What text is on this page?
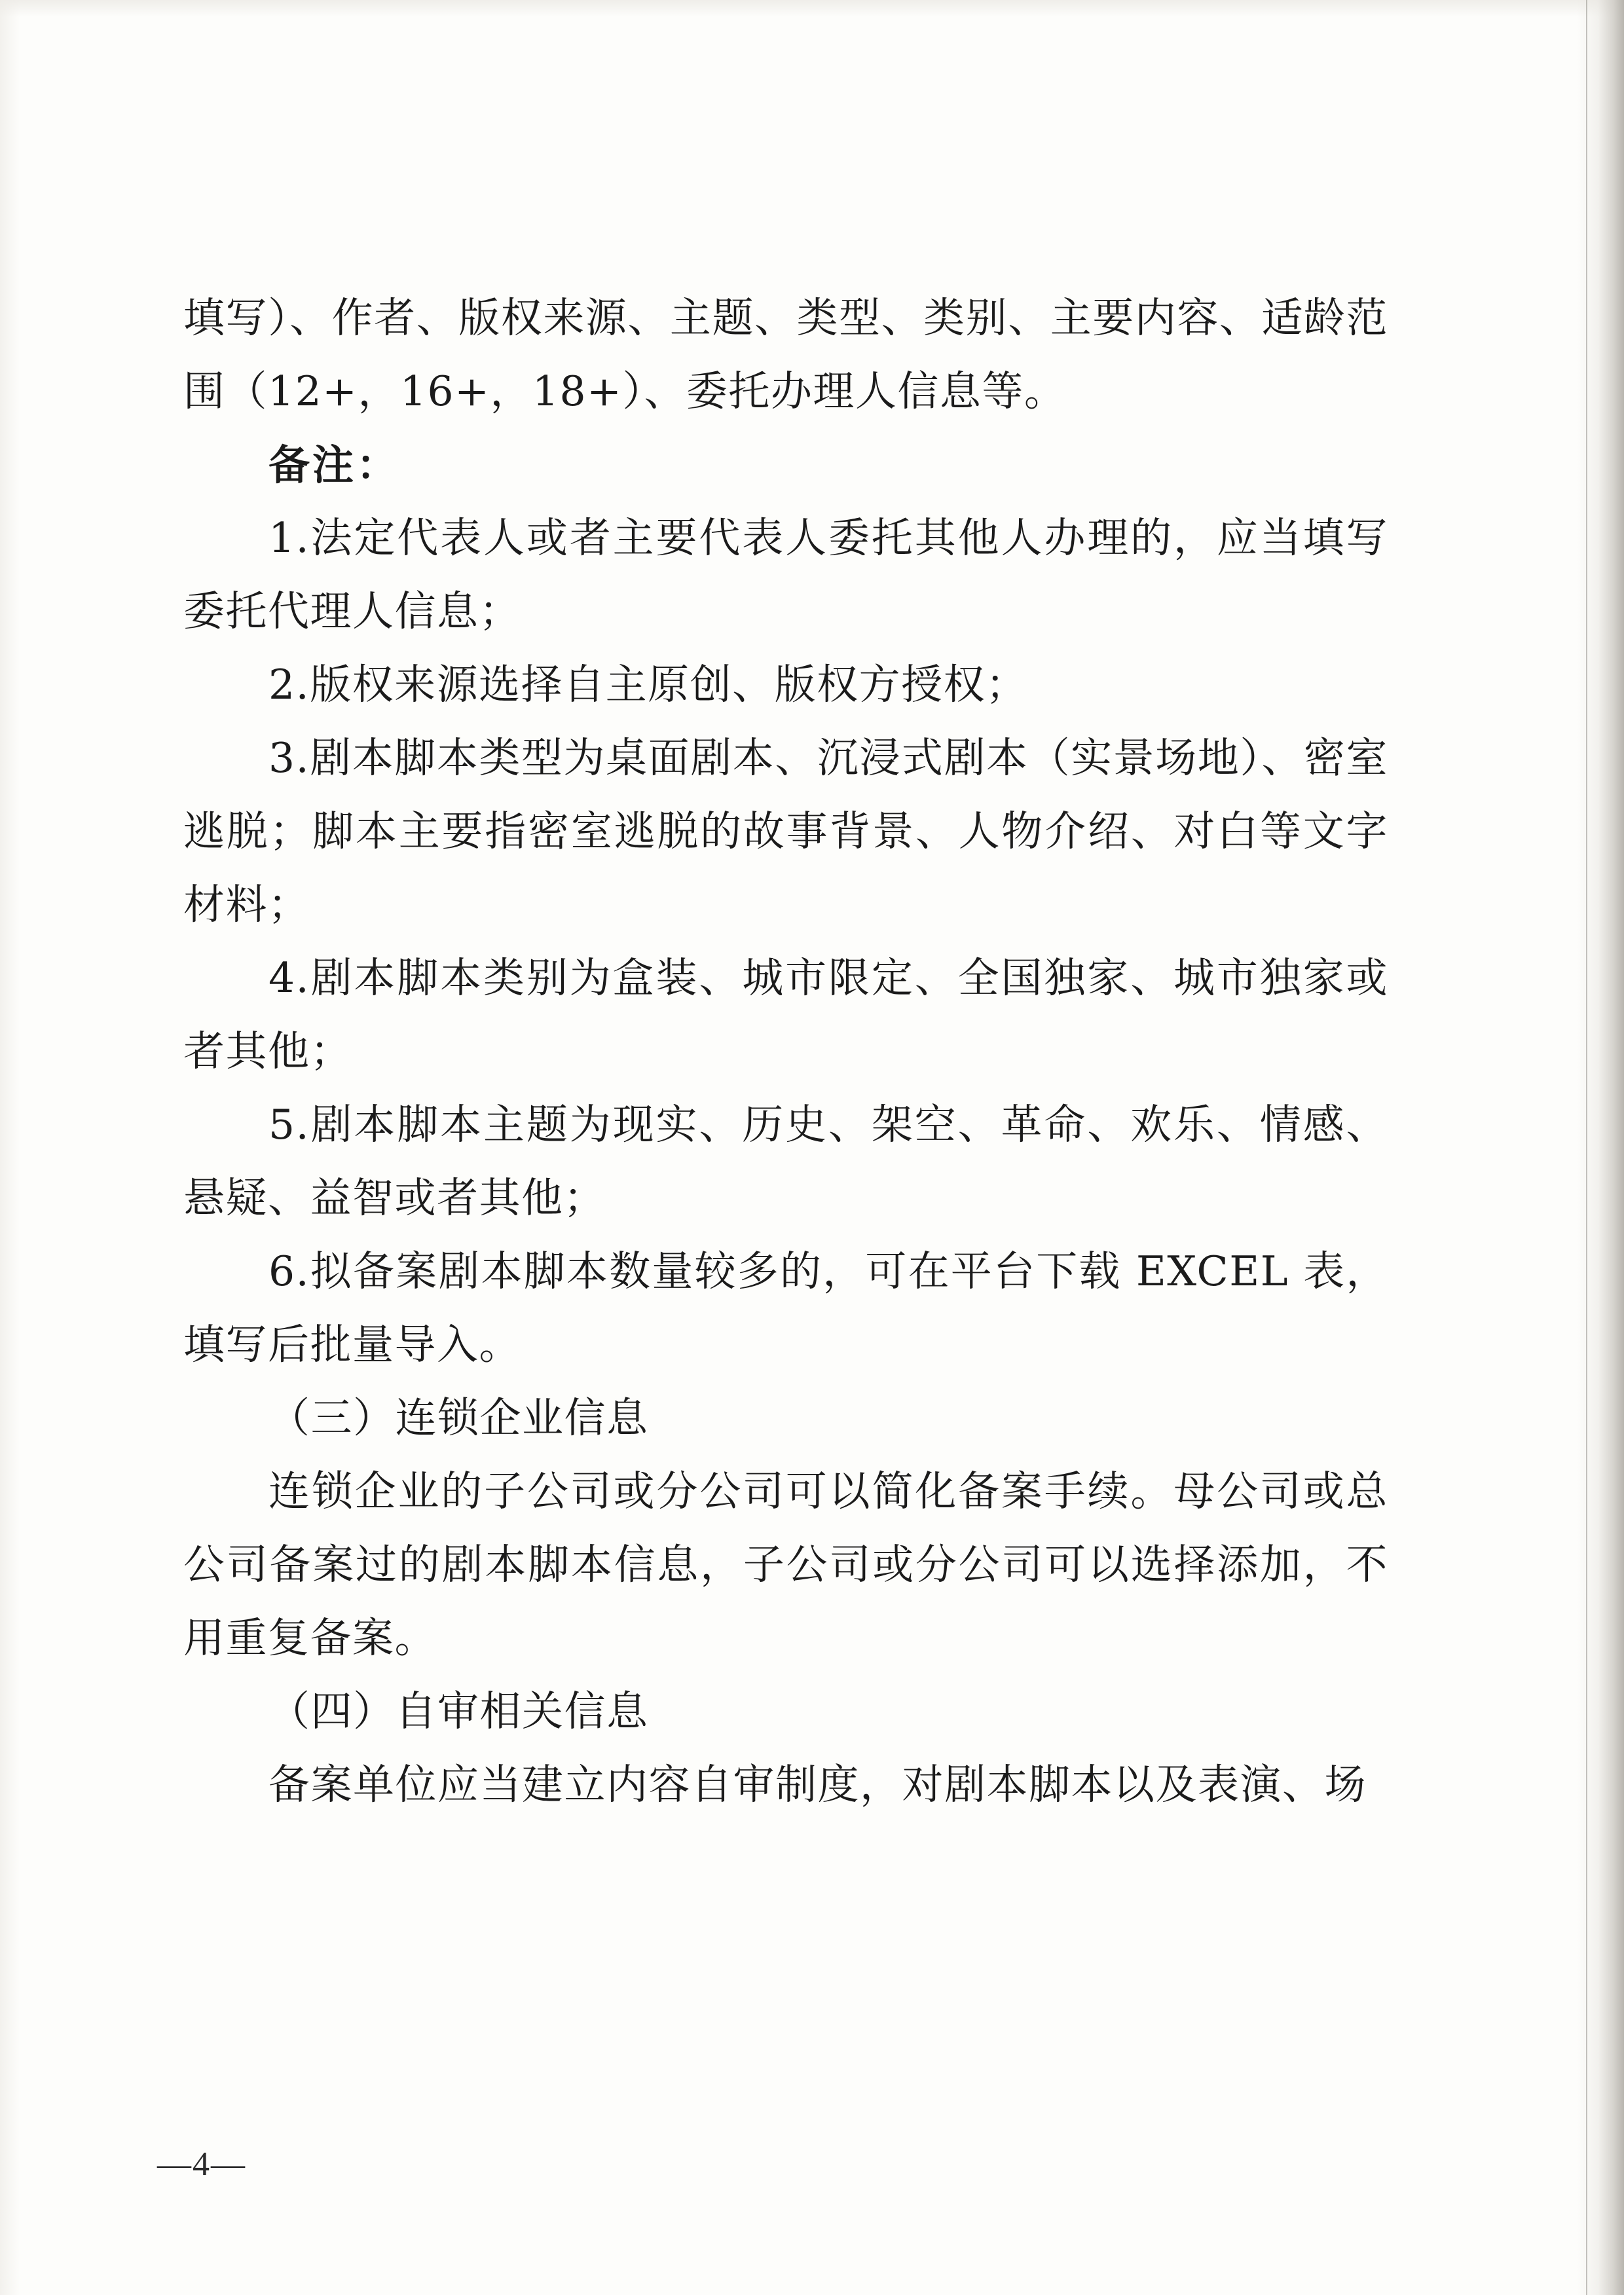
填写）、作者、版权来源、主题、类型、类别、主要内容、适龄范围（12+，16+，18+）、委托办理人信息等。

备注：

1.法定代表人或者主要代表人委托其他人办理的，应当填写委托代理人信息；

2.版权来源选择自主原创、版权方授权；

3.剧本脚本类型为桌面剧本、沉浸式剧本（实景场地）、密室逃脱；脚本主要指密室逃脱的故事背景、人物介绍、对白等文字材料；

4.剧本脚本类别为盒装、城市限定、全国独家、城市独家或者其他；

5.剧本脚本主题为现实、历史、架空、革命、欢乐、情感、悬疑、益智或者其他；

6.拟备案剧本脚本数量较多的，可在平台下载 EXCEL 表，填写后批量导入。

（三）连锁企业信息

连锁企业的子公司或分公司可以简化备案手续。母公司或总公司备案过的剧本脚本信息，子公司或分公司可以选择添加，不用重复备案。

（四）自审相关信息

备案单位应当建立内容自审制度，对剧本脚本以及表演、场

—4—
